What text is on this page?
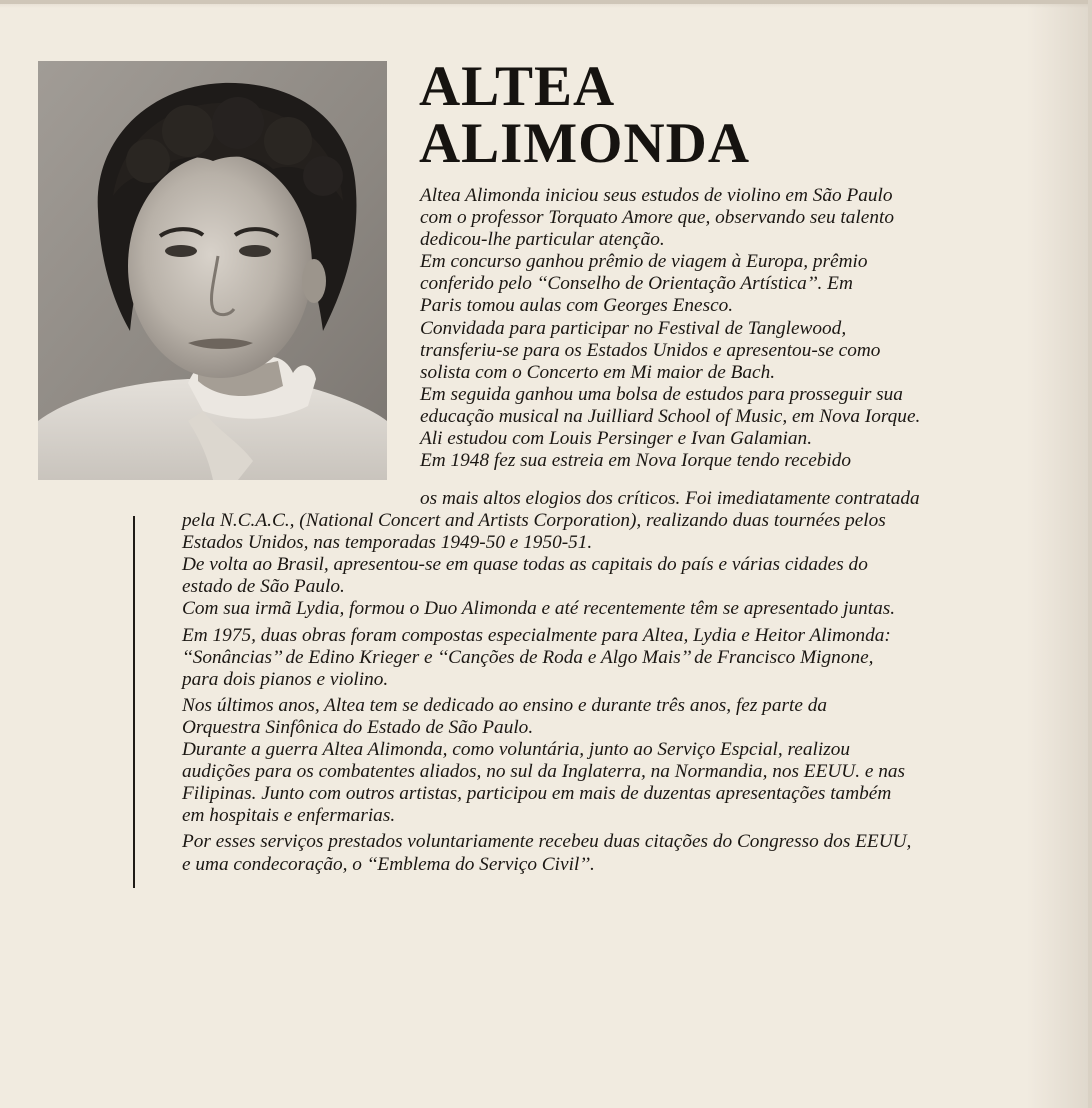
ALTEA
ALIMONDA
Altea Alimonda iniciou seus estudos de violino em São Paulo
com o professor Torquato Amore que, observando seu talento
dedicou-lhe particular atenção.
Em concurso ganhou prêmio de viagem à Europa, prêmio
conferido pelo ‘‘Conselho de Orientação Artística’’. Em
Paris tomou aulas com Georges Enesco.
Convidada para participar no Festival de Tanglewood,
transferiu-se para os Estados Unidos e apresentou-se como
solista com o Concerto em Mi maior de Bach.
Em seguida ganhou uma bolsa de estudos para prosseguir sua
educação musical na Juilliard School of Music, em Nova Iorque.
Ali estudou com Louis Persinger e Ivan Galamian.
Em 1948 fez sua estreia em Nova Iorque tendo recebido
os mais altos elogios dos críticos. Foi imediatamente contratada
pela N.C.A.C., (National Concert and Artists Corporation), realizando duas tournées pelos
Estados Unidos, nas temporadas 1949-50 e 1950-51.
De volta ao Brasil, apresentou-se em quase todas as capitais do país e várias cidades do
estado de São Paulo.
Com sua irmã Lydia, formou o Duo Alimonda e até recentemente têm se apresentado juntas.
Em 1975, duas obras foram compostas especialmente para Altea, Lydia e Heitor Alimonda:
‘‘Sonâncias’’ de Edino Krieger e ‘‘Canções de Roda e Algo Mais’’ de Francisco Mignone,
para dois pianos e violino.
Nos últimos anos, Altea tem se dedicado ao ensino e durante três anos, fez parte da
Orquestra Sinfônica do Estado de São Paulo.
Durante a guerra Altea Alimonda, como voluntária, junto ao Serviço Espcial, realizou
audições para os combatentes aliados, no sul da Inglaterra, na Normandia, nos EEUU. e nas
Filipinas. Junto com outros artistas, participou em mais de duzentas apresentações também
em hospitais e enfermarias.
Por esses serviços prestados voluntariamente recebeu duas citações do Congresso dos EEUU,
e uma condecoração, o ‘‘Emblema do Serviço Civil’’.
